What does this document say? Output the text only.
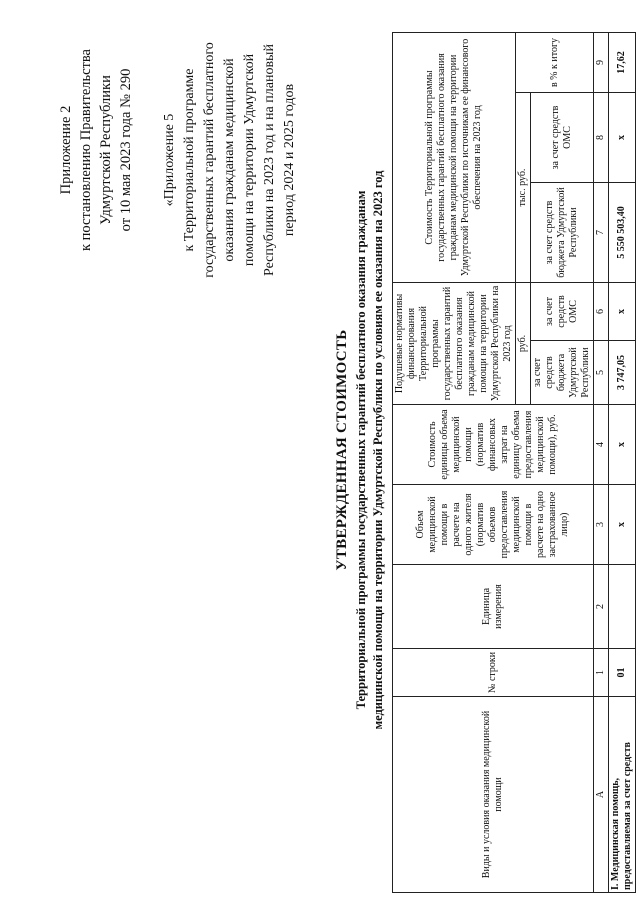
Приложение 2 к постановлению Правительства Удмуртской Республики от 10 мая 2023 года № 290 «Приложение 5 к Территориальной программе государственных гарантий бесплатного оказания гражданам медицинской помощи на территории Удмуртской Республики на 2023 год и на плановый период 2024 и 2025 годов
УТВЕРЖДЕННАЯ СТОИМОСТЬ Территориальной программы государственных гарантий бесплатного оказания гражданам медицинской помощи на территории Удмуртской Республики по условиям ее оказания на 2023 год
Виды и условия оказания медицинской помощи	№ строки	Единица измерения	Объем медицинской помощи в расчете на одного жителя (норматив объемов предоставления медицинской помощи в расчете на одно застрахованное лицо)	Стоимость единицы объема медицинской помощи (норматив финансовых затрат на единицу объема предоставления медицинской помощи), руб.	Подушевые нормативы финансирования Территориальной программы государственных гарантий бесплатного оказания гражданам медицинской помощи на территории Удмуртской Республики на 2023 год		Стоимость Территориальной программы государственных гарантий бесплатного оказания гражданам медицинской помощи на территории Удмуртской Республики по источникам ее финансового обеспечения на 2023 год		
					руб.		тыс. руб.		в % к итогу
					за счет средств бюджета Удмуртской Республики	за счет средств ОМС	за счет средств бюджета Удмуртской Республики	за счет средств ОМС	
А	1	2	3	4	5	6	7	8	9
I. Медицинская помощь, предоставляемая за счет средств	01		x	x	3 747,05	x	5 550 503,40	x	17,62
